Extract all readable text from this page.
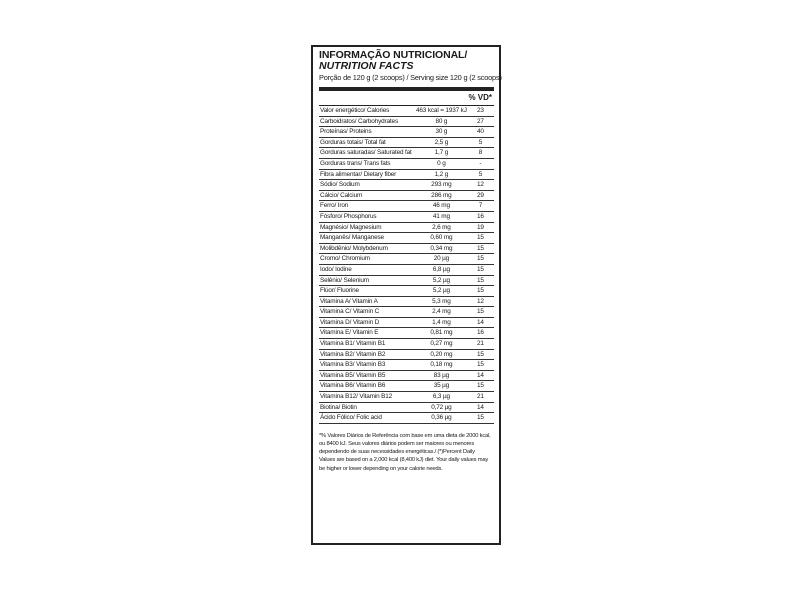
INFORMAÇÃO NUTRICIONAL/
NUTRITION FACTS
Porção de 120 g (2 scoops) / Serving size 120 g (2 scoops)
% VD*
Valor energético/ Calories	463 kcal = 1937 kJ	23
Carboidratos/ Carbohydrates	80 g	27
Proteínas/ Proteins	30 g	40
Gorduras totais/ Total fat	2,5 g	5
Gorduras saturadas/ Saturated fat	1,7 g	8
Gorduras trans/ Trans fats	0 g	-
Fibra alimentar/ Dietary fiber	1,2 g	5
Sódio/ Sodium	293 mg	12
Cálcio/ Calcium	286 mg	29
Ferro/ Iron	46 mg	7
Fósforo/ Phosphorus	41 mg	16
Magnésio/ Magnesium	2,6 mg	19
Manganês/ Manganese	0,60 mg	15
Molibdênio/ Molybdenum	0,34 mg	15
Cromo/ Chromium	20 µg	15
Iodo/ Iodine	6,8 µg	15
Selênio/ Selenium	5,2 µg	15
Flúor/ Fluorine	5,2 µg	15
Vitamina A/ Vitamin A	5,3 mg	12
Vitamina C/ Vitamin C	2,4 mg	15
Vitamina D/ Vitamin D	1,4 mg	14
Vitamina E/ Vitamin E	0,81 mg	16
Vitamina B1/ Vitamin B1	0,27 mg	21
Vitamina B2/ Vitamin B2	0,20 mg	15
Vitamina B3/ Vitamin B3	0,18 mg	15
Vitamina B5/ Vitamin B5	83 µg	14
Vitamina B6/ Vitamin B6	35 µg	15
Vitamina B12/ Vitamin B12	6,3 µg	21
Biotina/ Biotin	0,72 µg	14
Ácido Fólico/ Folic acid	0,36 µg	15
*% Valores Diários de Referência com base em uma dieta de 2000 kcal, ou 8400 kJ. Seus valores diários podem ser maiores ou menores dependendo de suas necessidades energéticas./ (*)Percent Daily Values are based on a 2,000 kcal (8,400 kJ) diet. Your daily values may be higher or lower depending on your calorie needs.
